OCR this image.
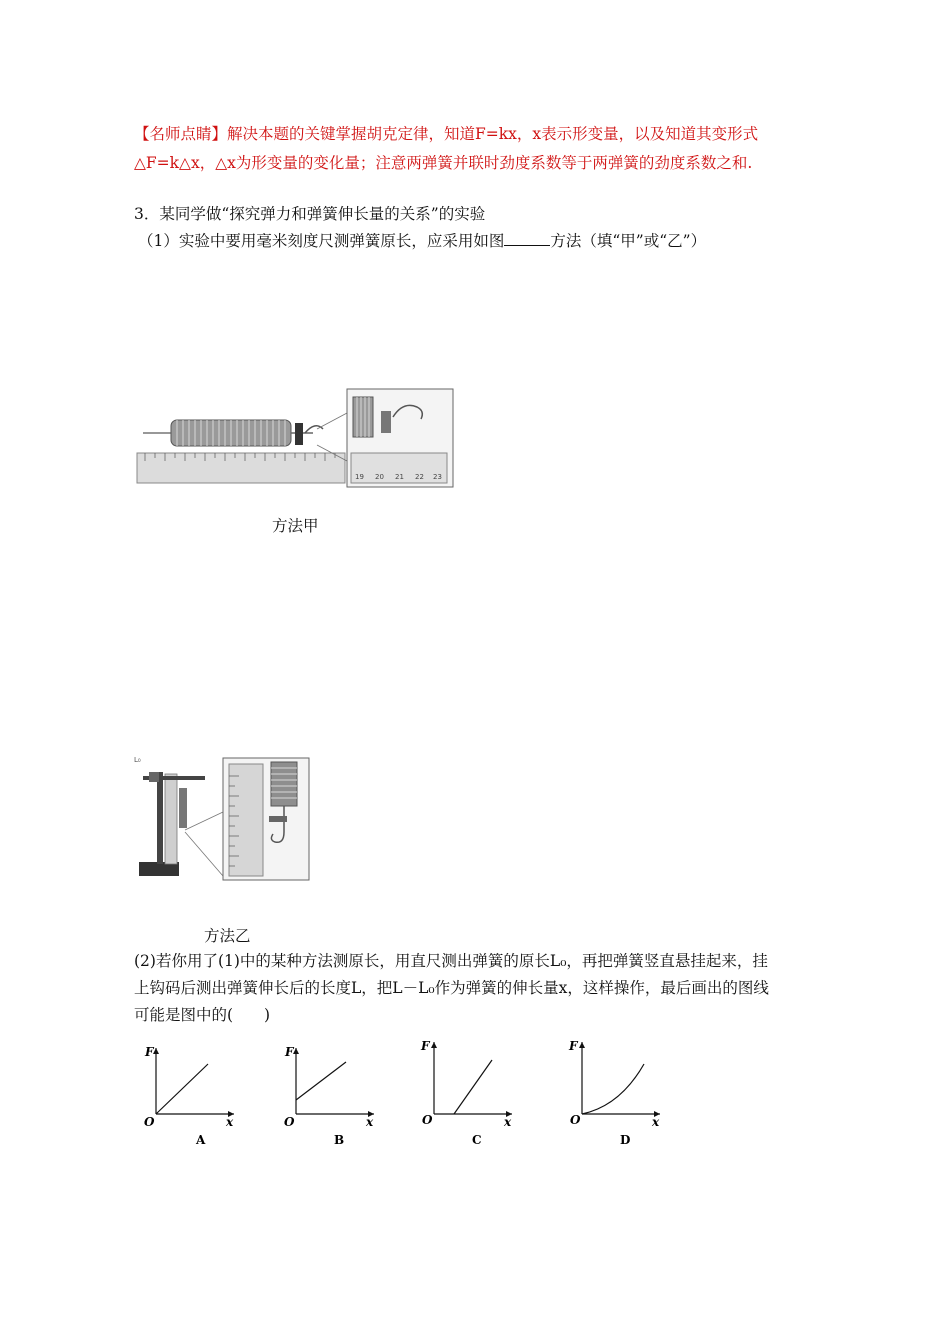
【名师点睛】解决本题的关键掌握胡克定律，知道F=kx，x表示形变量，以及知道其变形式
△F=k△x，△x为形变量的变化量；注意两弹簧并联时劲度系数等于两弹簧的劲度系数之和.
3．某同学做“探究弹力和弹簧伸长量的关系”的实验
（1）实验中要用毫米刻度尺测弹簧原长，应采用如图	方法（填“甲”或“乙”）
19 20 21 22 23
方法甲
L₀
方法乙
(2)若你用了(1)中的某种方法测原长，用直尺测出弹簧的原长L₀，再把弹簧竖直悬挂起来，挂
上钩码后测出弹簧伸长后的长度L，把L－L₀作为弹簧的伸长量x，这样操作，最后画出的图线
可能是图中的(　　)
F
O	x
A
F
O	x
B
F
O	x
C
F
O	x
D
